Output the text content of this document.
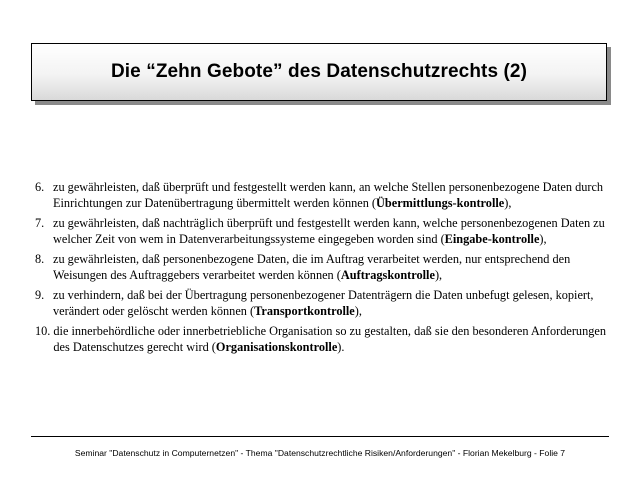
Die “Zehn Gebote” des Datenschutzrechts (2)
6. zu gewährleisten, daß überprüft und festgestellt werden kann, an welche Stellen personenbezogene Daten durch Einrichtungen zur Datenübertragung übermittelt werden können (Übermittlungs-kontrolle),
7. zu gewährleisten, daß nachträglich überprüft und festgestellt werden kann, welche personenbezogenen Daten zu welcher Zeit von wem in Datenverarbeitungssysteme eingegeben worden sind (Eingabe-kontrolle),
8. zu gewährleisten, daß personenbezogene Daten, die im Auftrag verarbeitet werden, nur entsprechend den Weisungen des Auftraggebers verarbeitet werden können (Auftragskontrolle),
9. zu verhindern, daß bei der Übertragung personenbezogener Datenträgern die Daten unbefugt gelesen, kopiert, verändert oder gelöscht werden können (Transportkontrolle),
10. die innerbehördliche oder innerbetriebliche Organisation so zu gestalten, daß sie den besonderen Anforderungen des Datenschutzes gerecht wird (Organisationskontrolle).
Seminar "Datenschutz in Computernetzen" - Thema "Datenschutzrechtliche Risiken/Anforderungen" - Florian Mekelburg - Folie 7
